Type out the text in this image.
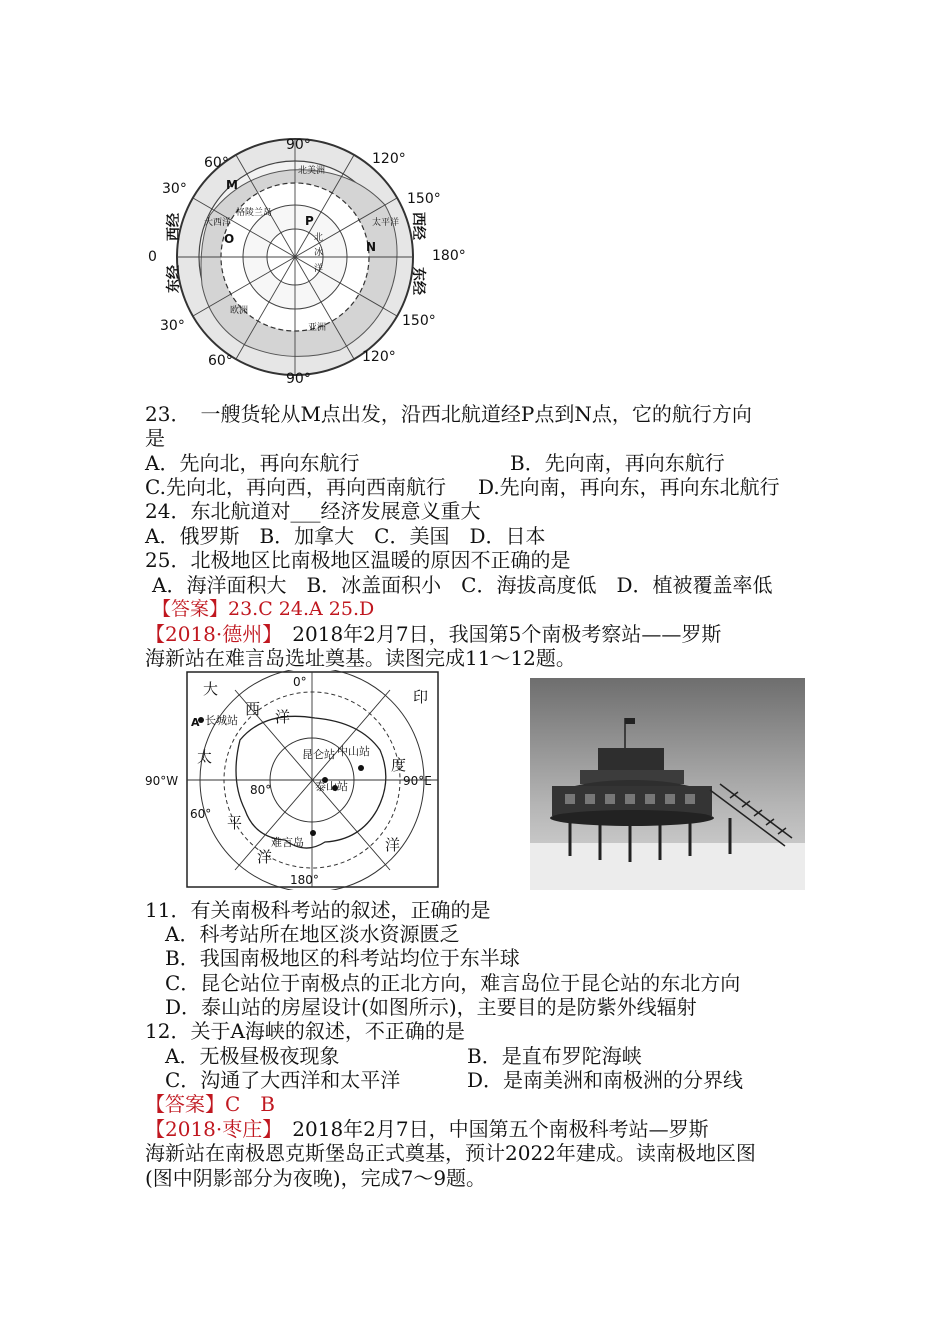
90°
120°
150°
180°
150°
120°
90°
60°
30°
0
30°
60°
西经
东经
西经
东经
M
P
N
O
北美洲
太平洋
北
冰
洋
亚洲
欧洲
大西洋
格陵兰岛
23．　一艘货轮从M点出发，沿西北航道经P点到N点，它的航行方向
是
A．先向北，再向东航行	B．先向南，再向东航行
C.先向北，再向西，再向西南航行 D.先向南，再向东，再向东北航行
24．东北航道对___经济发展意义重大
A．俄罗斯　B．加拿大　C．美国　D．日本
25．北极地区比南极地区温暖的原因不正确的是
A．海洋面积大　B．冰盖面积小　C．海拔高度低　D．植被覆盖率低
【答案】23.C 24.A 25.D
【2018·德州】　2018年2月7日，我国第5个南极考察站——罗斯
海新站在难言岛选址奠基。读图完成11～12题。
大
西 洋
印
太
平
洋
度
洋
0°
90°W	90°E
180°
60°
80°
长城站
昆仑站 中山站
泰山站
难言岛
A
11．有关南极科考站的叙述，正确的是
A．科考站所在地区淡水资源匮乏
B．我国南极地区的科考站均位于东半球
C．昆仑站位于南极点的正北方向，难言岛位于昆仑站的东北方向
D．泰山站的房屋设计(如图所示)，主要目的是防紫外线辐射
12．关于A海峡的叙述，不正确的是
A．无极昼极夜现象	B．是直布罗陀海峡
C．沟通了大西洋和太平洋	D．是南美洲和南极洲的分界线
【答案】C　B
【2018·枣庄】　2018年2月7日，中国第五个南极科考站—罗斯
海新站在南极恩克斯堡岛正式奠基，预计2022年建成。读南极地区图
(图中阴影部分为夜晚)，完成7～9题。
